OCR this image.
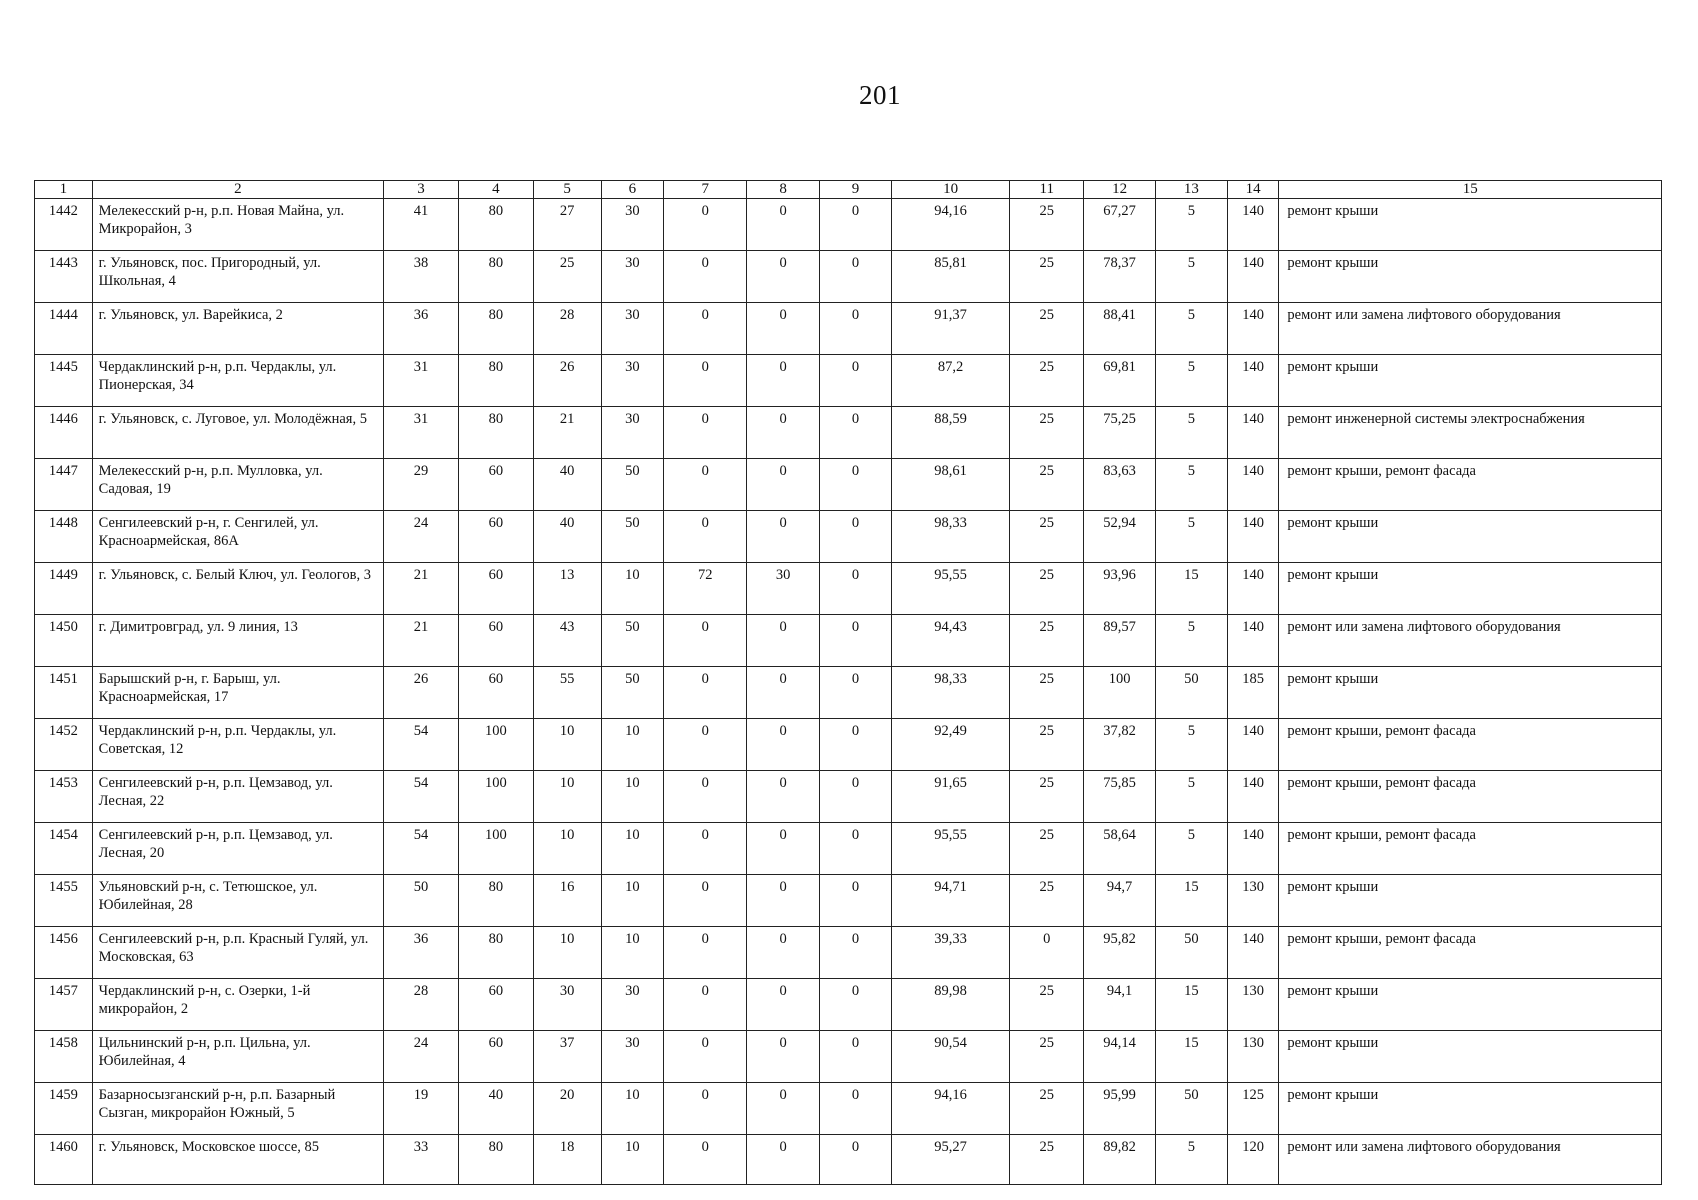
201
1	2	3	4	5	6	7	8	9	10	11	12	13	14	15
1442	Мелекесский р-н, р.п. Новая Майна, ул. Микрорайон, 3	41	80	27	30	0	0	0	94,16	25	67,27	5	140	ремонт крыши
1443	г. Ульяновск, пос. Пригородный, ул. Школьная, 4	38	80	25	30	0	0	0	85,81	25	78,37	5	140	ремонт крыши
1444	г. Ульяновск, ул. Варейкиса, 2	36	80	28	30	0	0	0	91,37	25	88,41	5	140	ремонт или замена лифтового оборудования
1445	Чердаклинский р-н, р.п. Чердаклы, ул. Пионерская, 34	31	80	26	30	0	0	0	87,2	25	69,81	5	140	ремонт крыши
1446	г. Ульяновск, с. Луговое, ул. Молодёжная, 5	31	80	21	30	0	0	0	88,59	25	75,25	5	140	ремонт инженерной системы электроснабжения
1447	Мелекесский р-н, р.п. Мулловка, ул. Садовая, 19	29	60	40	50	0	0	0	98,61	25	83,63	5	140	ремонт крыши, ремонт фасада
1448	Сенгилеевский р-н, г. Сенгилей, ул. Красноармейская, 86А	24	60	40	50	0	0	0	98,33	25	52,94	5	140	ремонт крыши
1449	г. Ульяновск, с. Белый Ключ, ул. Геологов, 3	21	60	13	10	72	30	0	95,55	25	93,96	15	140	ремонт крыши
1450	г. Димитровград, ул. 9 линия, 13	21	60	43	50	0	0	0	94,43	25	89,57	5	140	ремонт или замена лифтового оборудования
1451	Барышский р-н, г. Барыш, ул. Красноармейская, 17	26	60	55	50	0	0	0	98,33	25	100	50	185	ремонт крыши
1452	Чердаклинский р-н, р.п. Чердаклы, ул. Советская, 12	54	100	10	10	0	0	0	92,49	25	37,82	5	140	ремонт крыши, ремонт фасада
1453	Сенгилеевский р-н, р.п. Цемзавод, ул. Лесная, 22	54	100	10	10	0	0	0	91,65	25	75,85	5	140	ремонт крыши, ремонт фасада
1454	Сенгилеевский р-н, р.п. Цемзавод, ул. Лесная, 20	54	100	10	10	0	0	0	95,55	25	58,64	5	140	ремонт крыши, ремонт фасада
1455	Ульяновский р-н, с. Тетюшское, ул. Юбилейная, 28	50	80	16	10	0	0	0	94,71	25	94,7	15	130	ремонт крыши
1456	Сенгилеевский р-н, р.п. Красный Гуляй, ул. Московская, 63	36	80	10	10	0	0	0	39,33	0	95,82	50	140	ремонт крыши, ремонт фасада
1457	Чердаклинский р-н, с. Озерки, 1-й микрорайон, 2	28	60	30	30	0	0	0	89,98	25	94,1	15	130	ремонт крыши
1458	Цильнинский р-н, р.п. Цильна, ул. Юбилейная, 4	24	60	37	30	0	0	0	90,54	25	94,14	15	130	ремонт крыши
1459	Базарносызганский р-н, р.п. Базарный Сызган, микрорайон Южный, 5	19	40	20	10	0	0	0	94,16	25	95,99	50	125	ремонт крыши
1460	г. Ульяновск, Московское шоссе, 85	33	80	18	10	0	0	0	95,27	25	89,82	5	120	ремонт или замена лифтового оборудования
